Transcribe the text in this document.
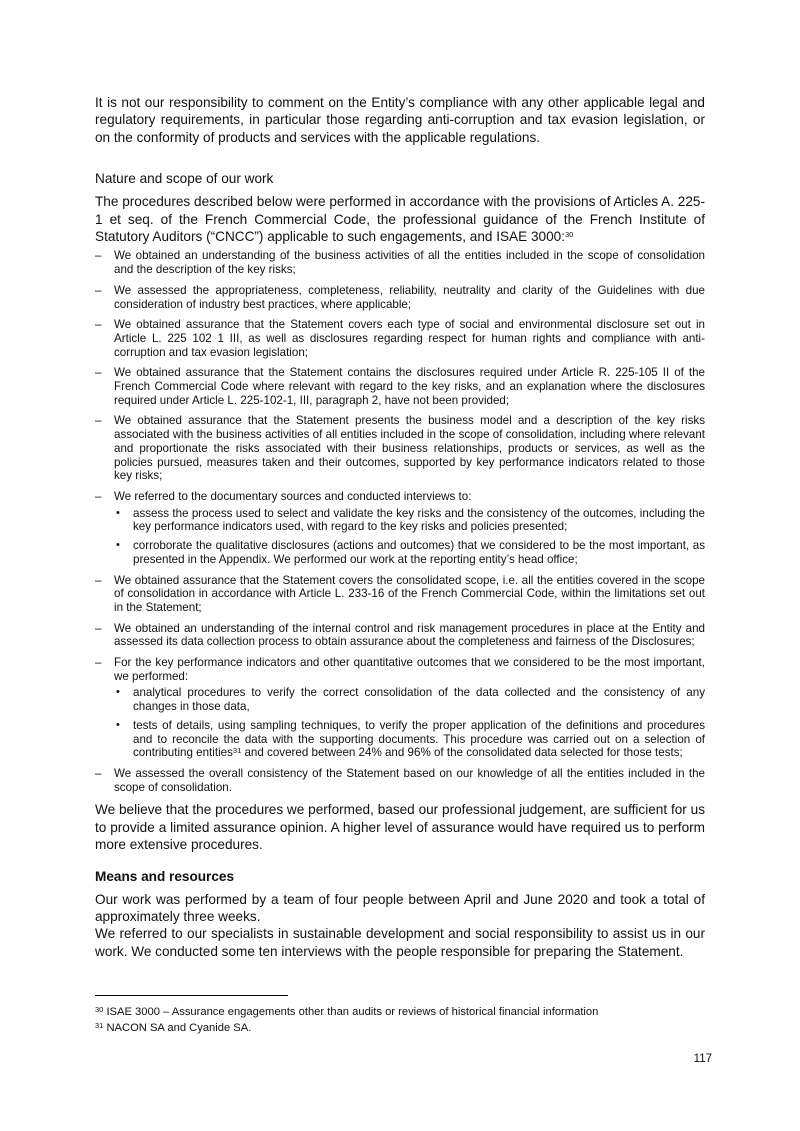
It is not our responsibility to comment on the Entity’s compliance with any other applicable legal and regulatory requirements, in particular those regarding anti-corruption and tax evasion legislation, or on the conformity of products and services with the applicable regulations.

Nature and scope of our work

The procedures described below were performed in accordance with the provisions of Articles A. 225-1 et seq. of the French Commercial Code, the professional guidance of the French Institute of Statutory Auditors (“CNCC”) applicable to such engagements, and ISAE 3000:$^{30}$

– We obtained an understanding of the business activities of all the entities included in the scope of consolidation and the description of the key risks;
– We assessed the appropriateness, completeness, reliability, neutrality and clarity of the Guidelines with due consideration of industry best practices, where applicable;
– We obtained assurance that the Statement covers each type of social and environmental disclosure set out in Article L. 225 102 1 III, as well as disclosures regarding respect for human rights and compliance with anti-corruption and tax evasion legislation;
– We obtained assurance that the Statement contains the disclosures required under Article R. 225-105 II of the French Commercial Code where relevant with regard to the key risks, and an explanation where the disclosures required under Article L. 225-102-1, III, paragraph 2, have not been provided;
– We obtained assurance that the Statement presents the business model and a description of the key risks associated with the business activities of all entities included in the scope of consolidation, including where relevant and proportionate the risks associated with their business relationships, products or services, as well as the policies pursued, measures taken and their outcomes, supported by key performance indicators related to those key risks;
– We referred to the documentary sources and conducted interviews to:
• assess the process used to select and validate the key risks and the consistency of the outcomes, including the key performance indicators used, with regard to the key risks and policies presented;
• corroborate the qualitative disclosures (actions and outcomes) that we considered to be the most important, as presented in the Appendix. We performed our work at the reporting entity’s head office;
– We obtained assurance that the Statement covers the consolidated scope, i.e. all the entities covered in the scope of consolidation in accordance with Article L. 233-16 of the French Commercial Code, within the limitations set out in the Statement;
– We obtained an understanding of the internal control and risk management procedures in place at the Entity and assessed its data collection process to obtain assurance about the completeness and fairness of the Disclosures;
– For the key performance indicators and other quantitative outcomes that we considered to be the most important, we performed:
• analytical procedures to verify the correct consolidation of the data collected and the consistency of any changes in those data,
• tests of details, using sampling techniques, to verify the proper application of the definitions and procedures and to reconcile the data with the supporting documents. This procedure was carried out on a selection of contributing entities$^{31}$ and covered between 24% and 96% of the consolidated data selected for those tests;
– We assessed the overall consistency of the Statement based on our knowledge of all the entities included in the scope of consolidation.

We believe that the procedures we performed, based our professional judgement, are sufficient for us to provide a limited assurance opinion. A higher level of assurance would have required us to perform more extensive procedures.

Means and resources

Our work was performed by a team of four people between April and June 2020 and took a total of approximately three weeks.

We referred to our specialists in sustainable development and social responsibility to assist us in our work. We conducted some ten interviews with the people responsible for preparing the Statement.

$^{30}$ ISAE 3000 – Assurance engagements other than audits or reviews of historical financial information
$^{31}$ NACON SA and Cyanide SA.
117
